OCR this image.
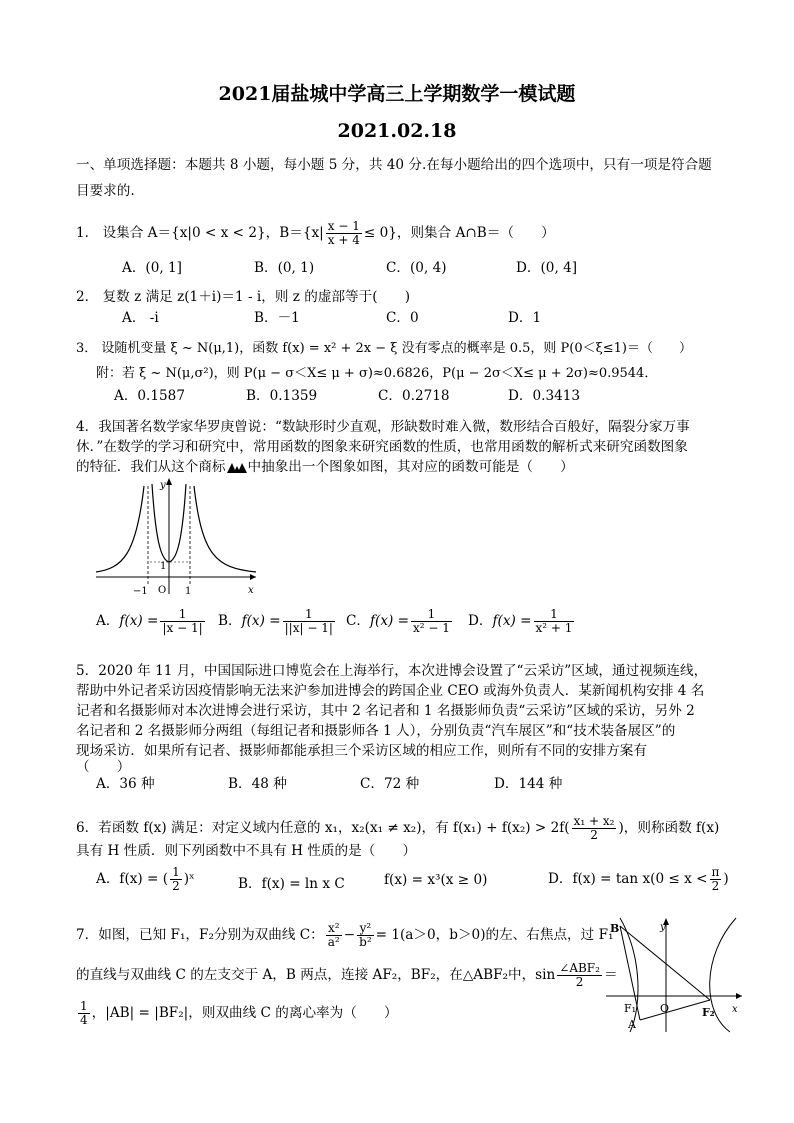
2021届盐城中学高三上学期数学一模试题
2021.02.18
一、单项选择题：本题共 8 小题，每小题 5 分，共 40 分.在每小题给出的四个选项中，只有一项是符合题
目要求的.
1． 设集合 A＝{x|0 < x < 2}，$B=\{x| \frac{x - 1}{x + 4} \le 0\}$，则集合 A∩B＝（　　）
A．(0, 1]	B．(0, 1)	C．(0, 4)	D．(0, 4]
2． 复数 z 满足 z(1＋i)＝1 - i，则 z 的虚部等于(　　)
A． -i	B．－1	C．0	D．1
3． 设随机变量 ξ ~ N(μ,1)，函数 f(x) = x² + 2x − ξ 没有零点的概率是 0.5，则 P(0＜ξ≤1)＝（　　）
附：若 ξ ~ N(μ,σ²)，则 P(μ − σ＜X≤ μ + σ)≈0.6826，P(μ − 2σ＜X≤ μ + 2σ)≈0.9544．
A．0.1587	B．0.1359	C．0.2718	D．0.3413
4．我国著名数学家华罗庚曾说：“数缺形时少直观，形缺数时难入微，数形结合百般好，隔裂分家万事
休．”在数学的学习和研究中，常用函数的图象来研究函数的性质，也常用函数的解析式来研究函数图象
的特征．我们从这个商标 中抽象出一个图象如图，其对应的函数可能是（　　）
y
x
1
−1 O 1
A．$f(x) = \frac{1}{|x - 1|}$ B．$f(x) = \frac{1}{||x| - 1|}$ C．$f(x) = \frac{1}{\text{x² − 1}}$ D．$f(x) = \frac{1}{\text{x² + 1}}$
5．2020 年 11 月，中国国际进口博览会在上海举行，本次进博会设置了“云采访”区域，通过视频连线，
帮助中外记者采访因疫情影响无法来沪参加进博会的跨国企业 CEO 或海外负责人．某新闻机构安排 4 名
记者和名摄影师对本次进博会进行采访，其中 2 名记者和 1 名摄影师负责“云采访”区域的采访，另外 2
名记者和 2 名摄影师分两组（每组记者和摄影师各 1 人），分别负责“汽车展区”和“技术装备展区”的
现场采访．如果所有记者、摄影师都能承担三个采访区域的相应工作，则所有不同的安排方案有
（　　）
A．36 种	B．48 种	C．72 种	D．144 种
6．若函数 f(x) 满足：对定义域内任意的 x₁，x₂(x₁ ≠ x₂)，有 $f(x_1) + f(x_2) > 2f( \frac{\text{x₁ + x₂}}{2}$ )，则称函数 f(x)
具有 H 性质．则下列函数中不具有 H 性质的是（　　）
A．f(x) = ( $\frac{1}{2}$ )ˣ	B．f(x) = ln x C	f(x) = x³(x ≥ 0)	D．$f(x) = \tan x(0 \le x < \frac{\pi}{2}$ )
7．如图，已知 F₁，F₂分别为双曲线 C： $\frac{\text{x²}}{\text{a²}} - \frac{\text{y²}}{\text{b²}} = 1(a>0$，b＞0)的左、右焦点，过 F₁
的直线与双曲线 C 的左支交于 A，B 两点，连接 AF₂，BF₂，在△ABF₂中，$\sin \frac{\text{∠ABF₂}}{2}$ ＝
$\frac{1}{4}$ ，|AB| = |BF₂|，则双曲线 C 的离心率为（　　）
B
A
F₁ O	F₂
y
x
